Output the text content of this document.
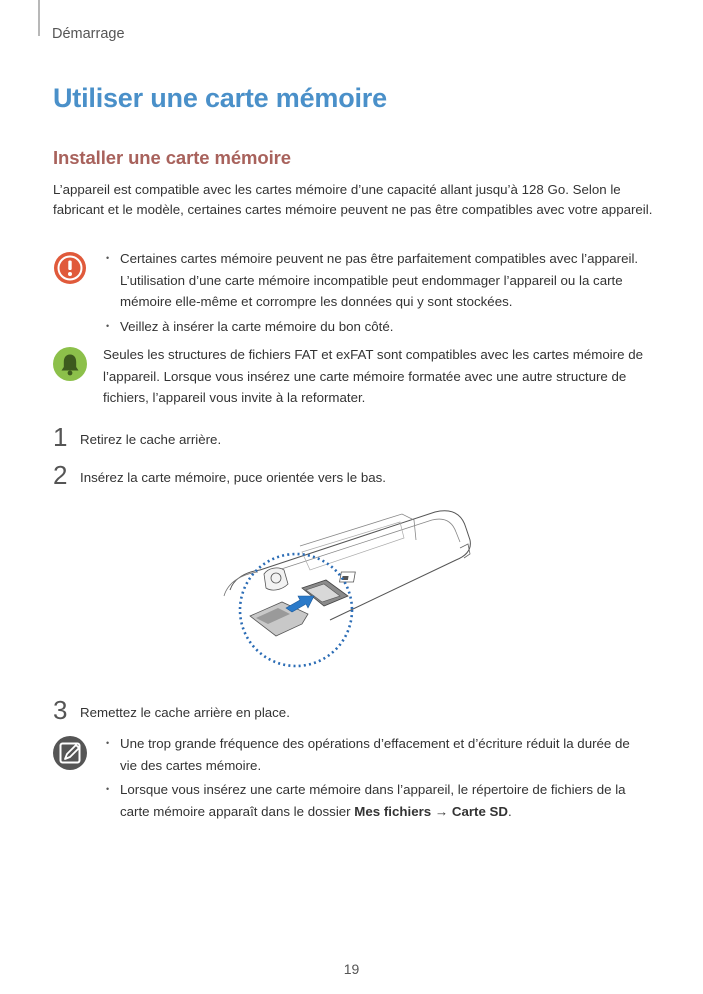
Démarrage
Utiliser une carte mémoire
Installer une carte mémoire
L’appareil est compatible avec les cartes mémoire d’une capacité allant jusqu’à 128 Go. Selon le fabricant et le modèle, certaines cartes mémoire peuvent ne pas être compatibles avec votre appareil.
• Certaines cartes mémoire peuvent ne pas être parfaitement compatibles avec l’appareil. L’utilisation d’une carte mémoire incompatible peut endommager l’appareil ou la carte mémoire elle-même et corrompre les données qui y sont stockées.
• Veillez à insérer la carte mémoire du bon côté.
Seules les structures de fichiers FAT et exFAT sont compatibles avec les cartes mémoire de l’appareil. Lorsque vous insérez une carte mémoire formatée avec une autre structure de fichiers, l’appareil vous invite à la reformater.
1 Retirez le cache arrière.
2 Insérez la carte mémoire, puce orientée vers le bas.
3 Remettez le cache arrière en place.
• Une trop grande fréquence des opérations d’effacement et d’écriture réduit la durée de vie des cartes mémoire.
• Lorsque vous insérez une carte mémoire dans l’appareil, le répertoire de fichiers de la carte mémoire apparaît dans le dossier Mes fichiers → Carte SD.
19
